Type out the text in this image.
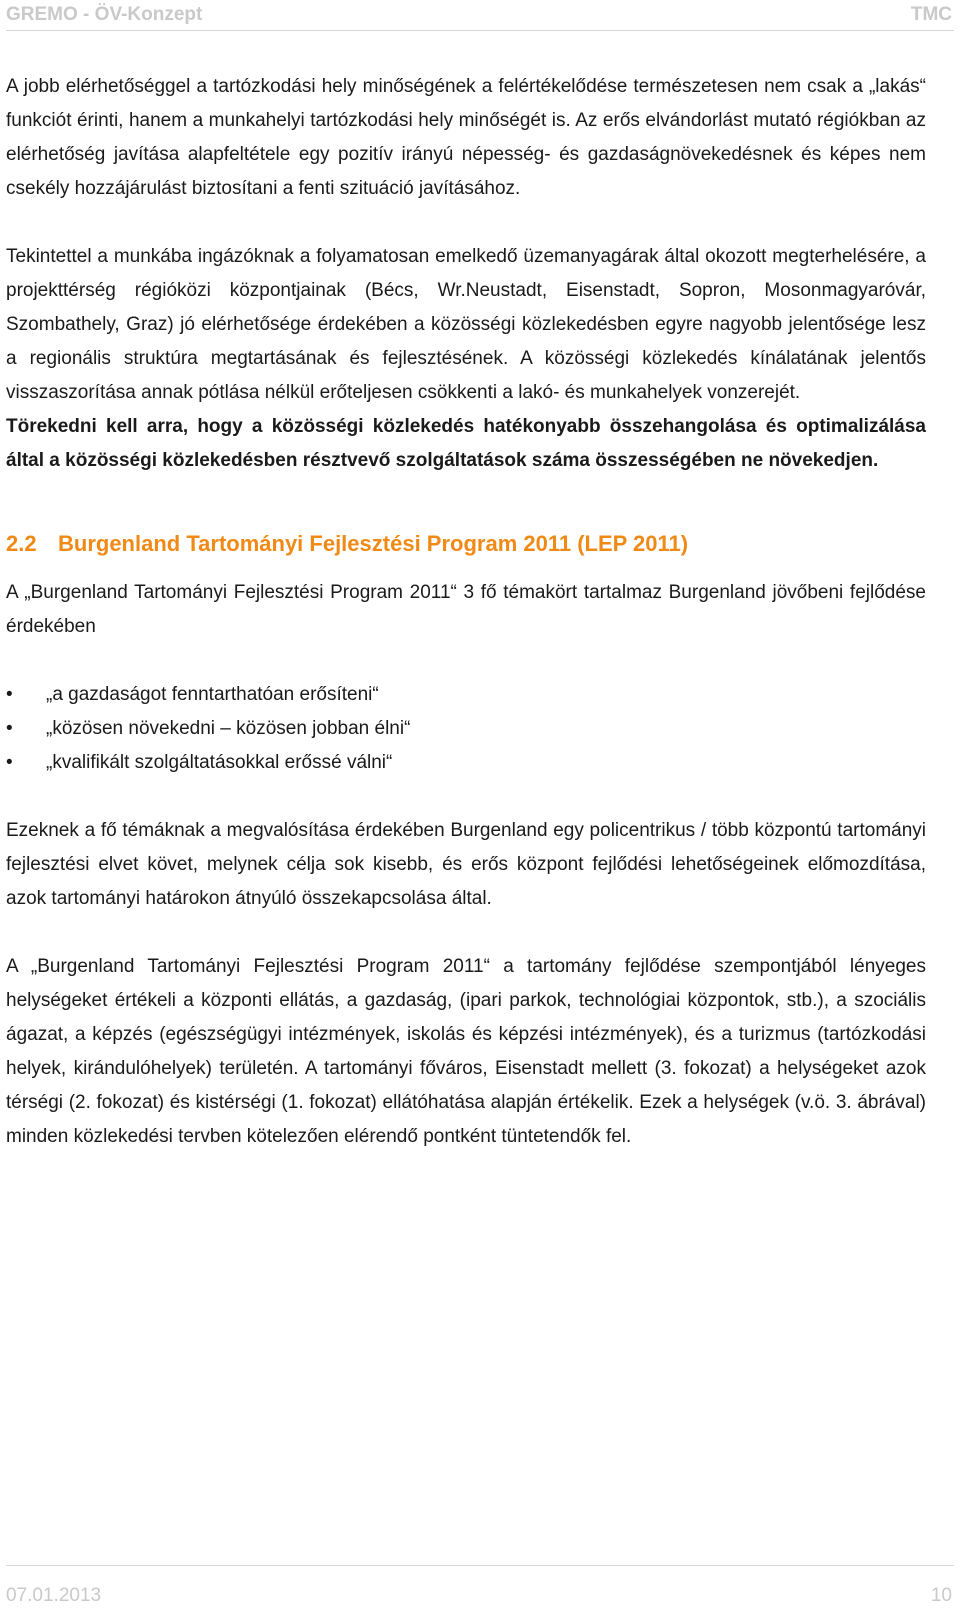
GREMO - ÖV-Konzept	TMC

A jobb elérhetőséggel a tartózkodási hely minőségének a felértékelődése természetesen nem csak a „lakás“ funkciót érinti, hanem a munkahelyi tartózkodási hely minőségét is. Az erős elvándorlást mutató régiókban az elérhetőség javítása alapfeltétele egy pozitív irányú népesség- és gazdaságnövekedésnek és képes nem csekély hozzájárulást biztosítani a fenti szituáció javításához.

Tekintettel a munkába ingázóknak a folyamatosan emelkedő üzemanyagárak által okozott megterhelésére, a projekttérség régióközi központjainak (Bécs, Wr.Neustadt, Eisenstadt, Sopron, Mosonmagyaróvár, Szombathely, Graz) jó elérhetősége érdekében a közösségi közlekedésben egyre nagyobb jelentősége lesz a regionális struktúra megtartásának és fejlesztésének. A közösségi közlekedés kínálatának jelentős visszaszorítása annak pótlása nélkül erőteljesen csökkenti a lakó- és munkahelyek vonzerejét.

Törekedni kell arra, hogy a közösségi közlekedés hatékonyabb összehangolása és optimalizálása által a közösségi közlekedésben résztvevő szolgáltatások száma összességében ne növekedjen.

2.2 Burgenland Tartományi Fejlesztési Program 2011 (LEP 2011)

A „Burgenland Tartományi Fejlesztési Program 2011“ 3 fő témakört tartalmaz Burgenland jövőbeni fejlődése érdekében

• „a gazdaságot fenntarthatóan erősíteni“
• „közösen növekedni – közösen jobban élni“
• „kvalifikált szolgáltatásokkal erőssé válni“

Ezeknek a fő témáknak a megvalósítása érdekében Burgenland egy policentrikus / több központú tartományi fejlesztési elvet követ, melynek célja sok kisebb, és erős központ fejlődési lehetőségeinek előmozdítása, azok tartományi határokon átnyúló összekapcsolása által.

A „Burgenland Tartományi Fejlesztési Program 2011“ a tartomány fejlődése szempontjából lényeges helységeket értékeli a központi ellátás, a gazdaság, (ipari parkok, technológiai központok, stb.), a szociális ágazat, a képzés (egészségügyi intézmények, iskolás és képzési intézmények), és a turizmus (tartózkodási helyek, kirándulóhelyek) területén. A tartományi főváros, Eisenstadt mellett (3. fokozat) a helységeket azok térségi (2. fokozat) és kistérségi (1. fokozat) ellátóhatása alapján értékelik. Ezek a helységek (v.ö. 3. ábrával) minden közlekedési tervben kötelezően elérendő pontként tüntetendők fel.

07.01.2013	10
